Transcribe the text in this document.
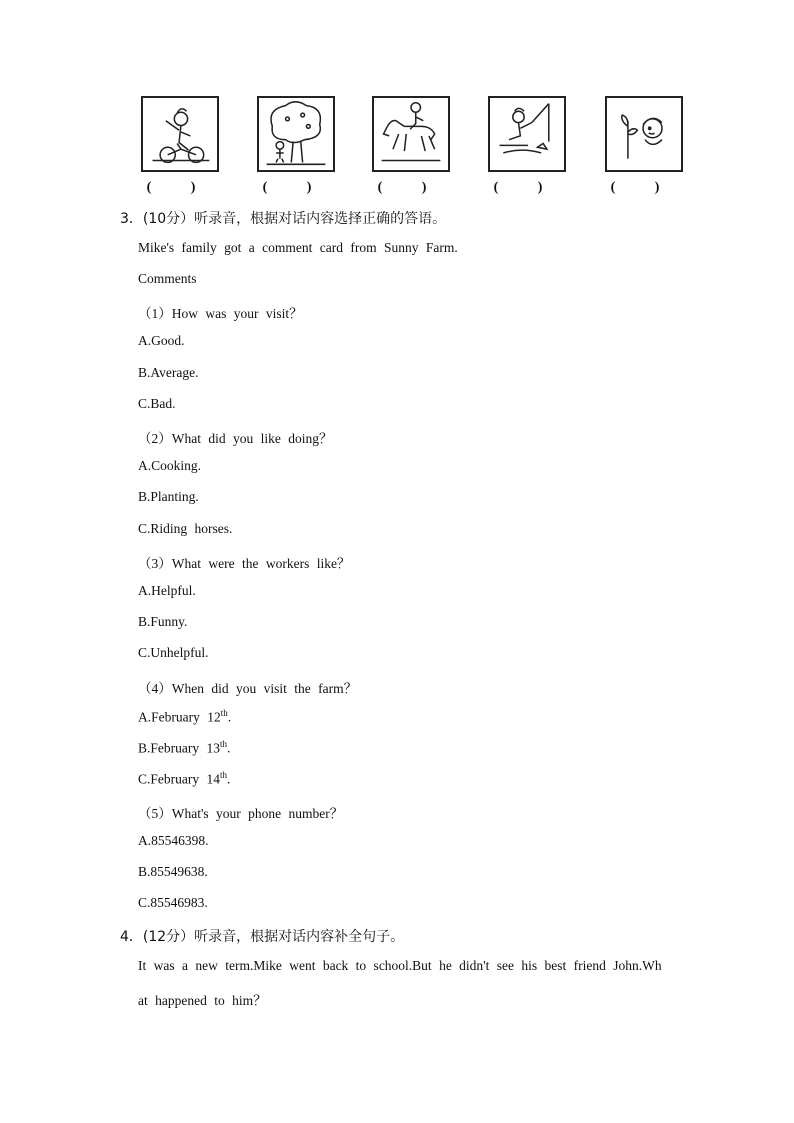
( )	( )	( )	( )	( )
3．(10分）听录音，根据对话内容选择正确的答语。
Mike's family got a comment card from Sunny Farm.
Comments
（1）How was your visit？
A.Good.
B.Average.
C.Bad.
（2）What did you like doing？
A.Cooking.
B.Planting.
C.Riding horses.
（3）What were the workers like？
A.Helpful.
B.Funny.
C.Unhelpful.
（4）When did you visit the farm？
A.February 12th.
B.February 13th.
C.February 14th.
（5）What's your phone number？
A.85546398.
B.85549638.
C.85546983.
4．(12分）听录音，根据对话内容补全句子。
It was a new term.Mike went back to school.But he didn't see his best friend John.Wh
at happened to him？
